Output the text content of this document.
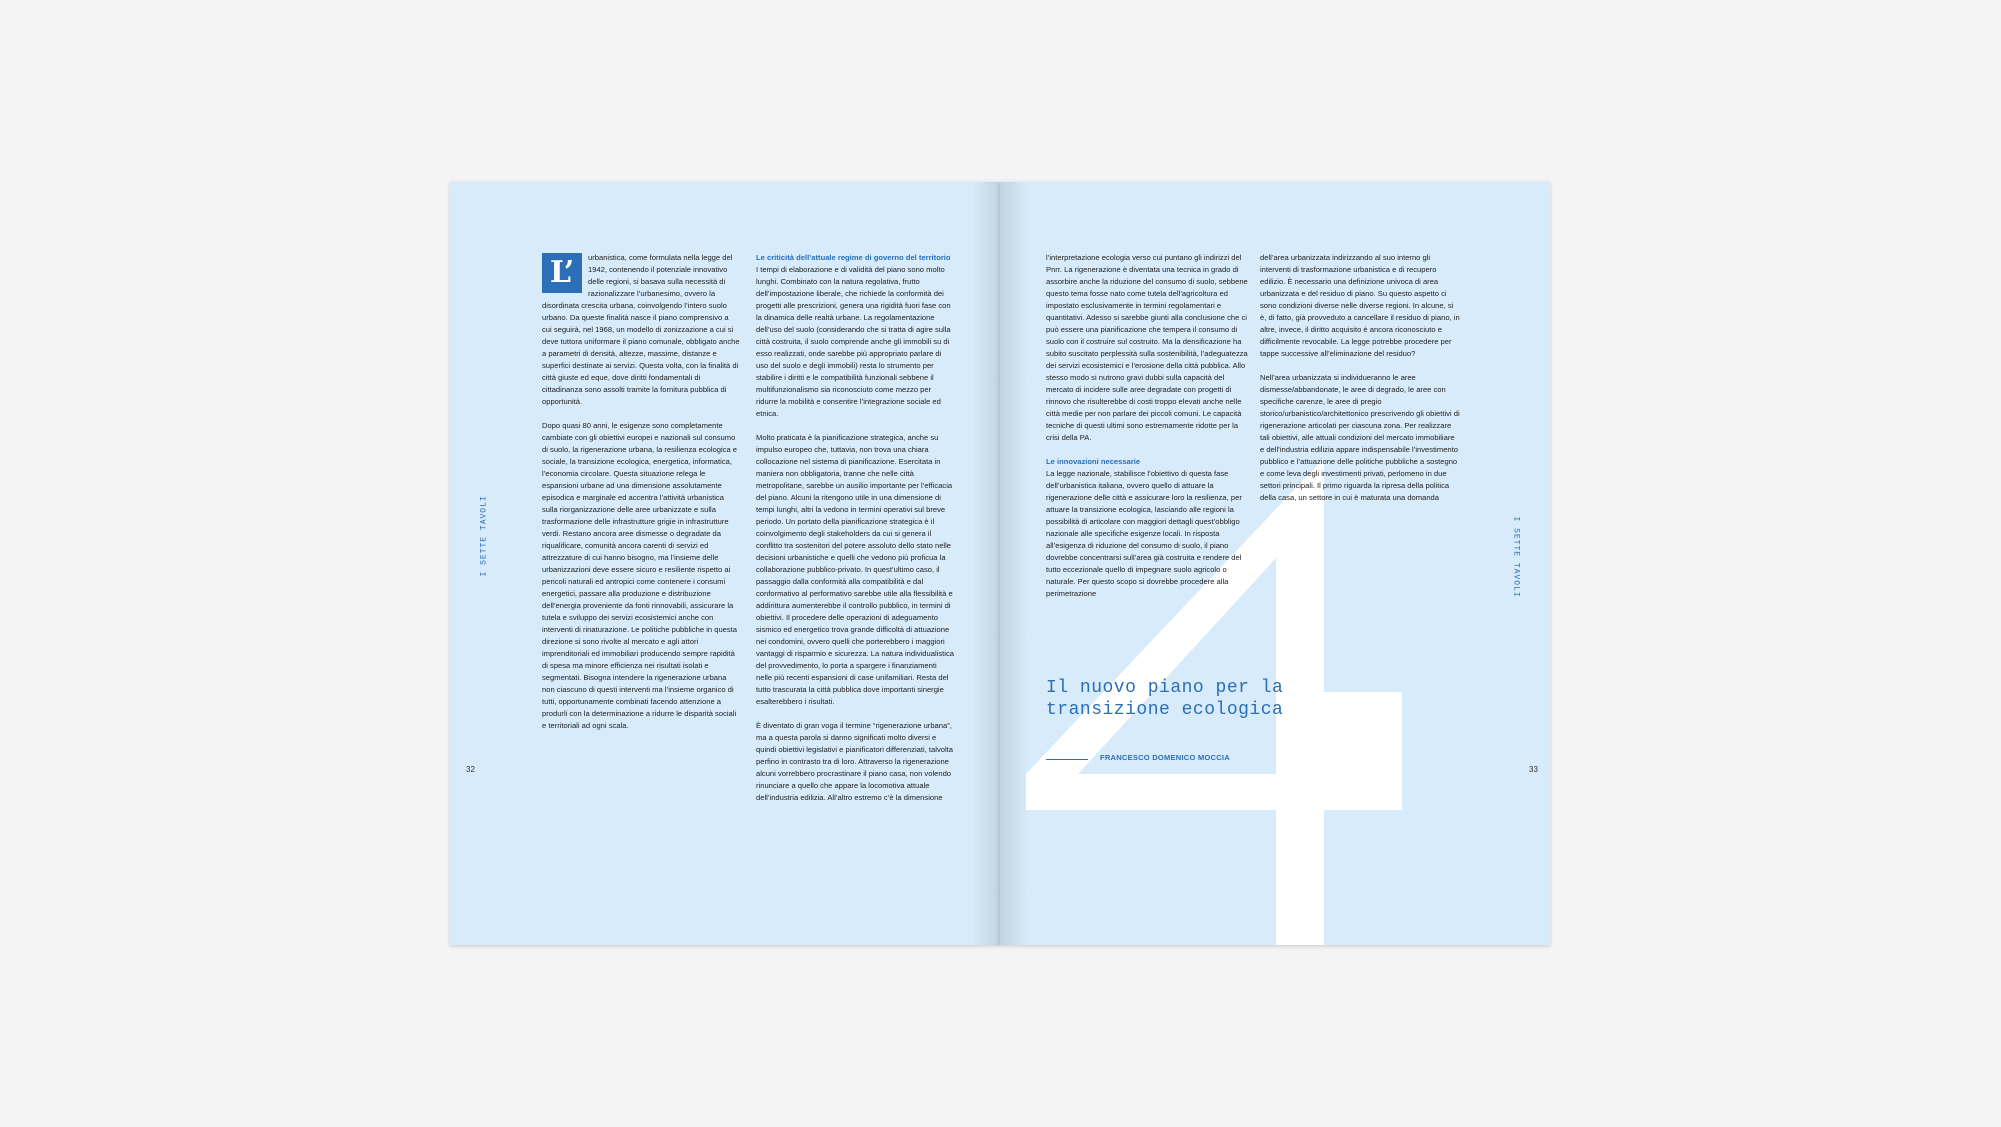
I SETTE TAVOLI
32

L’	urbanistica, come formulata nella legge del 1942, contenendo il potenziale innovativo delle regioni, si basava sulla necessità di razionalizzare l’urbanesimo, ovvero la disordinata crescita urbana, coinvolgendo l’intero suolo urbano. Da queste finalità nasce il piano comprensivo a cui seguirà, nel 1968, un modello di zonizzazione a cui si deve tuttora uniformare il piano comunale, obbligato anche a parametri di densità, altezze, massime, distanze e superfici destinate ai servizi. Questa volta, con la finalità di città giuste ed eque, dove diritti fondamentali di cittadinanza sono assolti tramite la fornitura pubblica di opportunità.

Dopo quasi 80 anni, le esigenze sono completamente cambiate con gli obiettivi europei e nazionali sul consumo di suolo, la rigenerazione urbana, la resilienza ecologica e sociale, la transizione ecologica, energetica, informatica, l’economia circolare. Questa situazione relega le espansioni urbane ad una dimensione assolutamente episodica e marginale ed accentra l’attività urbanistica sulla riorganizzazione delle aree urbanizzate e sulla trasformazione delle infrastrutture grigie in infrastrutture verdi. Restano ancora aree dismesse o degradate da riqualificare, comunità ancora carenti di servizi ed attrezzature di cui hanno bisogno, ma l’insieme delle urbanizzazioni deve essere sicuro e resiliente rispetto ai pericoli naturali ed antropici come contenere i consumi energetici, passare alla produzione e distribuzione dell’energia proveniente da fonti rinnovabili, assicurare la tutela e sviluppo dei servizi ecosistemici anche con interventi di rinaturazione. Le politiche pubbliche in questa direzione si sono rivolte al mercato e agli attori imprenditoriali ed immobiliari producendo sempre rapidità di spesa ma minore efficienza nei risultati isolati e segmentati. Bisogna intendere la rigenerazione urbana non ciascuno di questi interventi ma l’insieme organico di tutti, opportunamente combinati facendo attenzione a produrli con la determinazione a ridurre le disparità sociali e territoriali ad ogni scala.

Le criticità dell’attuale regime di governo del territorio

I tempi di elaborazione e di validità del piano sono molto lunghi. Combinato con la natura regolativa, frutto dell’impostazione liberale, che richiede la conformità dei progetti alle prescrizioni, genera una rigidità fuori fase con la dinamica delle realtà urbane. La regolamentazione dell’uso del suolo (considerando che si tratta di agire sulla città costruita, il suolo comprende anche gli immobili su di esso realizzati, onde sarebbe più appropriato parlare di uso del suolo e degli immobili) resta lo strumento per stabilire i diritti e le compatibilità funzionali sebbene il multifunzionalismo sia riconosciuto come mezzo per ridurre la mobilità e consentire l’integrazione sociale ed etnica.

Molto praticata è la pianificazione strategica, anche su impulso europeo che, tuttavia, non trova una chiara collocazione nel sistema di pianificazione. Esercitata in maniera non obbligatoria, tranne che nelle città metropolitane, sarebbe un ausilio importante per l’efficacia del piano. Alcuni la ritengono utile in una dimensione di tempi lunghi, altri la vedono in termini operativi sul breve periodo. Un portato della pianificazione strategica è il coinvolgimento degli stakeholders da cui si genera il conflitto tra sostenitori del potere assoluto dello stato nelle decisioni urbanistiche e quelli che vedono più proficua la collaborazione pubblico-privato. In quest’ultimo caso, il passaggio dalla conformità alla compatibilità e dal conformativo al performativo sarebbe utile alla flessibilità e addirittura aumenterebbe il controllo pubblico, in termini di obiettivi. Il procedere delle operazioni di adeguamento sismico ed energetico trova grande difficoltà di attuazione nei condomini, ovvero quelli che porterebbero i maggiori vantaggi di risparmio e sicurezza. La natura individualistica del provvedimento, lo porta a spargere i finanziamenti nelle più recenti espansioni di case unifamiliari. Resta del tutto trascurata la città pubblica dove importanti sinergie esalterebbero i risultati.

È diventato di gran voga il termine “rigenerazione urbana”, ma a questa parola si danno significati molto diversi e quindi obiettivi legislativi e pianificatori differenziati, talvolta perfino in contrasto tra di loro. Attraverso la rigenerazione alcuni vorrebbero procrastinare il piano casa, non volendo rinunciare a quello che appare la locomotiva attuale dell’industria edilizia. All’altro estremo c’è la dimensione

I SETTE TAVOLI
33

l’interpretazione ecologia verso cui puntano gli indirizzi del Pnrr. La rigenerazione è diventata una tecnica in grado di assorbire anche la riduzione del consumo di suolo, sebbene questo tema fosse nato come tutela dell’agricoltura ed impostato esclusivamente in termini regolamentari e quantitativi. Adesso si sarebbe giunti alla conclusione che ci può essere una pianificazione che tempera il consumo di suolo con il costruire sul costruito. Ma la densificazione ha subito suscitato perplessità sulla sostenibilità, l’adeguatezza dei servizi ecosistemici e l’erosione della città pubblica. Allo stesso modo si nutrono gravi dubbi sulla capacità del mercato di incidere sulle aree degradate con progetti di rinnovo che risulterebbe di costi troppo elevati anche nelle città medie per non parlare dei piccoli comuni. Le capacità tecniche di questi ultimi sono estremamente ridotte per la crisi della PA.

Le innovazioni necessarie

La legge nazionale, stabilisce l’obiettivo di questa fase dell’urbanistica italiana, ovvero quello di attuare la rigenerazione delle città e assicurare loro la resilienza, per attuare la transizione ecologica, lasciando alle regioni la possibilità di articolare con maggiori dettagli quest’obbligo nazionale alle specifiche esigenze locali. In risposta all’esigenza di riduzione del consumo di suolo, il piano dovrebbe concentrarsi sull’area già costruita e rendere del tutto eccezionale quello di impegnare suolo agricolo o naturale. Per questo scopo si dovrebbe procedere alla perimetrazione

dell’area urbanizzata indirizzando al suo interno gli interventi di trasformazione urbanistica e di recupero edilizio. È necessario una definizione univoca di area urbanizzata e del residuo di piano. Su questo aspetto ci sono condizioni diverse nelle diverse regioni. In alcune, si è, di fatto, già provveduto a cancellare il residuo di piano, in altre, invece, il diritto acquisito è ancora riconosciuto e difficilmente revocabile. La legge potrebbe procedere per tappe successive all’eliminazione del residuo?

Nell’area urbanizzata si individueranno le aree dismesse/abbandonate, le aree di degrado, le aree con specifiche carenze, le aree di pregio storico/urbanistico/architettonico prescrivendo gli obiettivi di rigenerazione articolati per ciascuna zona. Per realizzare tali obiettivi, alle attuali condizioni del mercato immobiliare e dell’industria edilizia appare indispensabile l’investimento pubblico e l’attuazione delle politiche pubbliche a sostegno e come leva degli investimenti privati, perlomeno in due settori principali. Il primo riguarda la ripresa della politica della casa, un settore in cui è maturata una domanda

Il nuovo piano per la transizione ecologica
FRANCESCO DOMENICO MOCCIA
